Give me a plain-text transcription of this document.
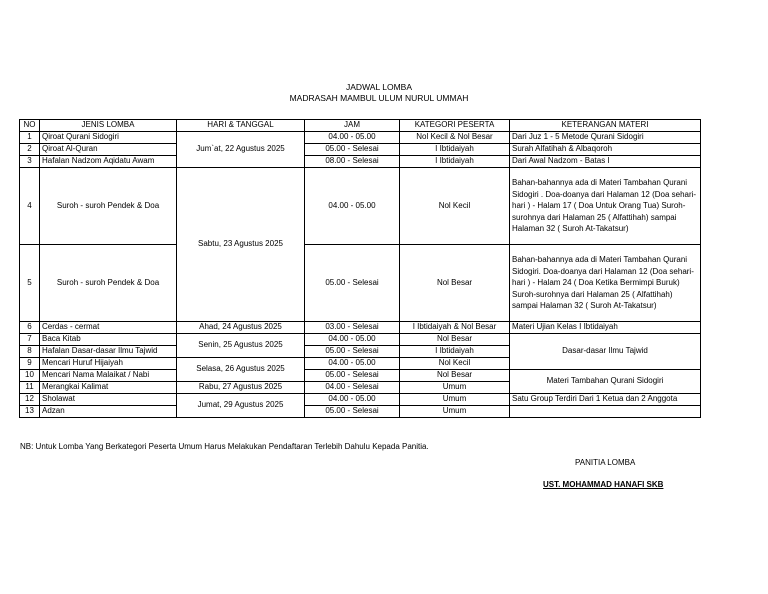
JADWAL LOMBA
MADRASAH MAMBUL ULUM NURUL UMMAH
NO	JENIS LOMBA	HARI & TANGGAL	JAM	KATEGORI PESERTA	KETERANGAN MATERI
1	Qiroat Qurani Sidogiri	Jum`at, 22 Agustus 2025	04.00 - 05.00	Nol Kecil & Nol Besar	Dari Juz 1 - 5 Metode Qurani Sidogiri
2	Qiroat Al-Quran		05.00 - Selesai	I Ibtidaiyah	Surah Alfatihah & Albaqoroh
3	Hafalan Nadzom Aqidatu Awam		08.00 - Selesai	I Ibtidaiyah	Dari Awal Nadzom - Batas I
4	Suroh - suroh Pendek & Doa	Sabtu, 23 Agustus 2025	04.00 - 05.00	Nol Kecil	Bahan-bahannya ada di Materi Tambahan Qurani Sidogiri . Doa-doanya dari Halaman 12 (Doa sehari-hari ) - Halam 17 ( Doa Untuk Orang Tua) Suroh-surohnya dari Halaman 25 ( Alfattihah) sampai Halaman 32 ( Suroh At-Takatsur)
5	Suroh - suroh Pendek & Doa		05.00 - Selesai	Nol Besar	Bahan-bahannya ada di Materi Tambahan Qurani Sidogiri. Doa-doanya dari Halaman 12 (Doa sehari-hari ) - Halam 24 ( Doa Ketika Bermimpi Buruk) Suroh-surohnya dari Halaman 25 ( Alfattihah) sampai Halaman 32 ( Suroh At-Takatsur)
6	Cerdas - cermat	Ahad, 24 Agustus 2025	03.00 - Selesai	I Ibtidaiyah & Nol Besar	Materi Ujian Kelas I Ibtidaiyah
7	Baca Kitab	Senin, 25 Agustus 2025	04.00 - 05.00	Nol Besar	Dasar-dasar Ilmu Tajwid
8	Hafalan Dasar-dasar Ilmu Tajwid		05.00 - Selesai	I Ibtidaiyah	
9	Mencari Huruf Hijaiyah	Selasa, 26 Agustus 2025	04.00 - 05.00	Nol Kecil	
10	Mencari Nama Malaikat / Nabi		05.00 - Selesai	Nol Besar	Materi Tambahan Qurani Sidogiri
11	Merangkai Kalimat	Rabu, 27 Agustus 2025	04.00 - Selesai	Umum	
12	Sholawat	Jumat, 29 Agustus 2025	04.00 - 05.00	Umum	Satu Group Terdiri Dari 1 Ketua dan 2 Anggota
13	Adzan		05.00 - Selesai	Umum	
NB: Untuk Lomba Yang Berkategori Peserta Umum Harus Melakukan Pendaftaran Terlebih Dahulu Kepada Panitia.
PANITIA LOMBA
UST. MOHAMMAD HANAFI SKB
